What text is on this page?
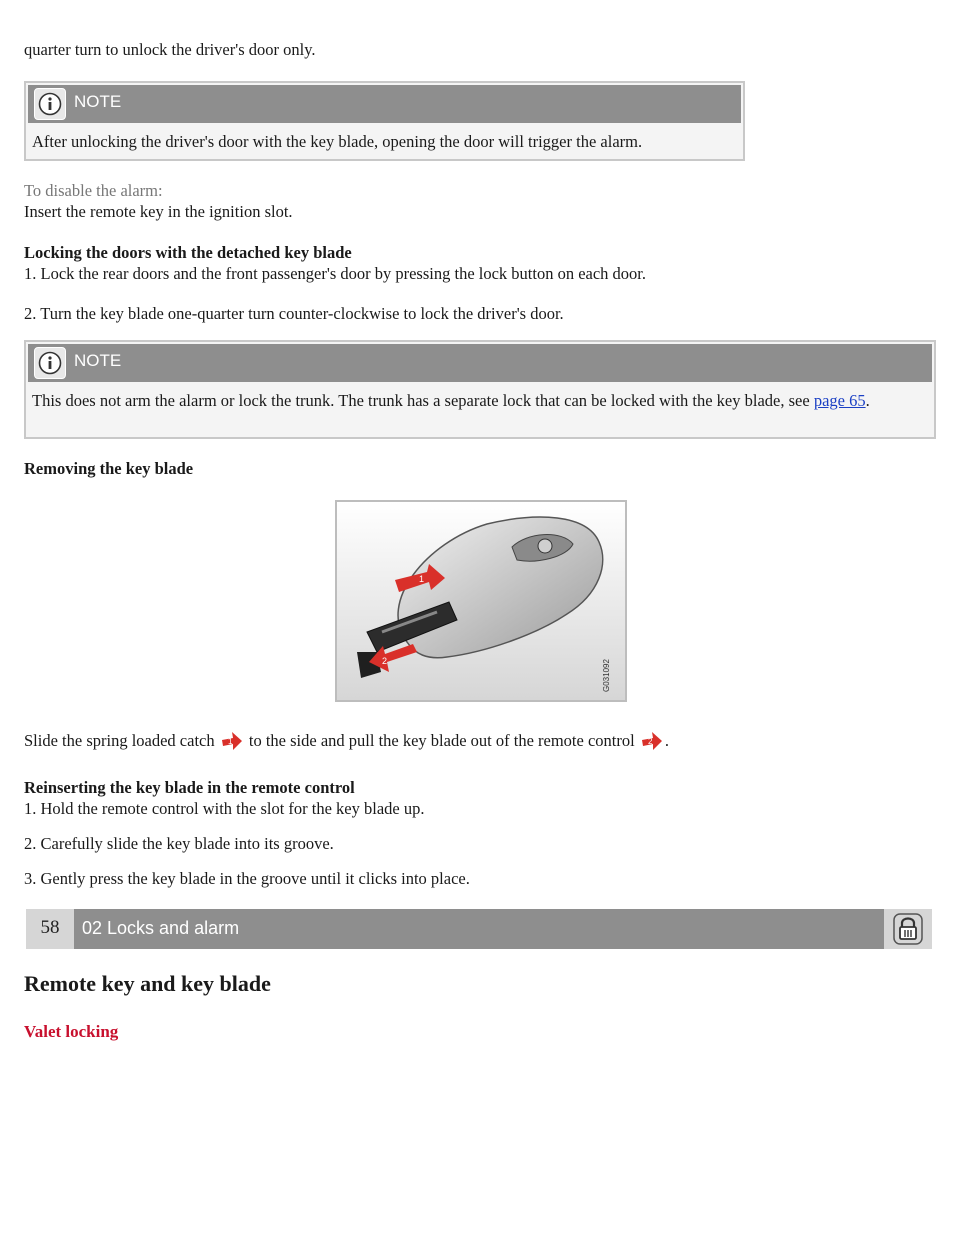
quarter turn to unlock the driver's door only.

NOTE

After unlocking the driver's door with the key blade, opening the door will trigger the alarm.

To disable the alarm:

Insert the remote key in the ignition slot.

Locking the doors with the detached key blade

1. Lock the rear doors and the front passenger's door by pressing the lock button on each door.

2. Turn the key blade one-quarter turn counter-clockwise to lock the driver's door.

NOTE

This does not arm the alarm or lock the trunk. The trunk has a separate lock that can be locked with the key blade, see page 65.

Removing the key blade

1
2	G031092

Slide the spring loaded catch 1 to the side and pull the key blade out of the remote control 2 .

Reinserting the key blade in the remote control

1. Hold the remote control with the slot for the key blade up.

2. Carefully slide the key blade into its groove.

3. Gently press the key blade in the groove until it clicks into place.

58	02 Locks and alarm
Remote key and key blade
Valet locking
